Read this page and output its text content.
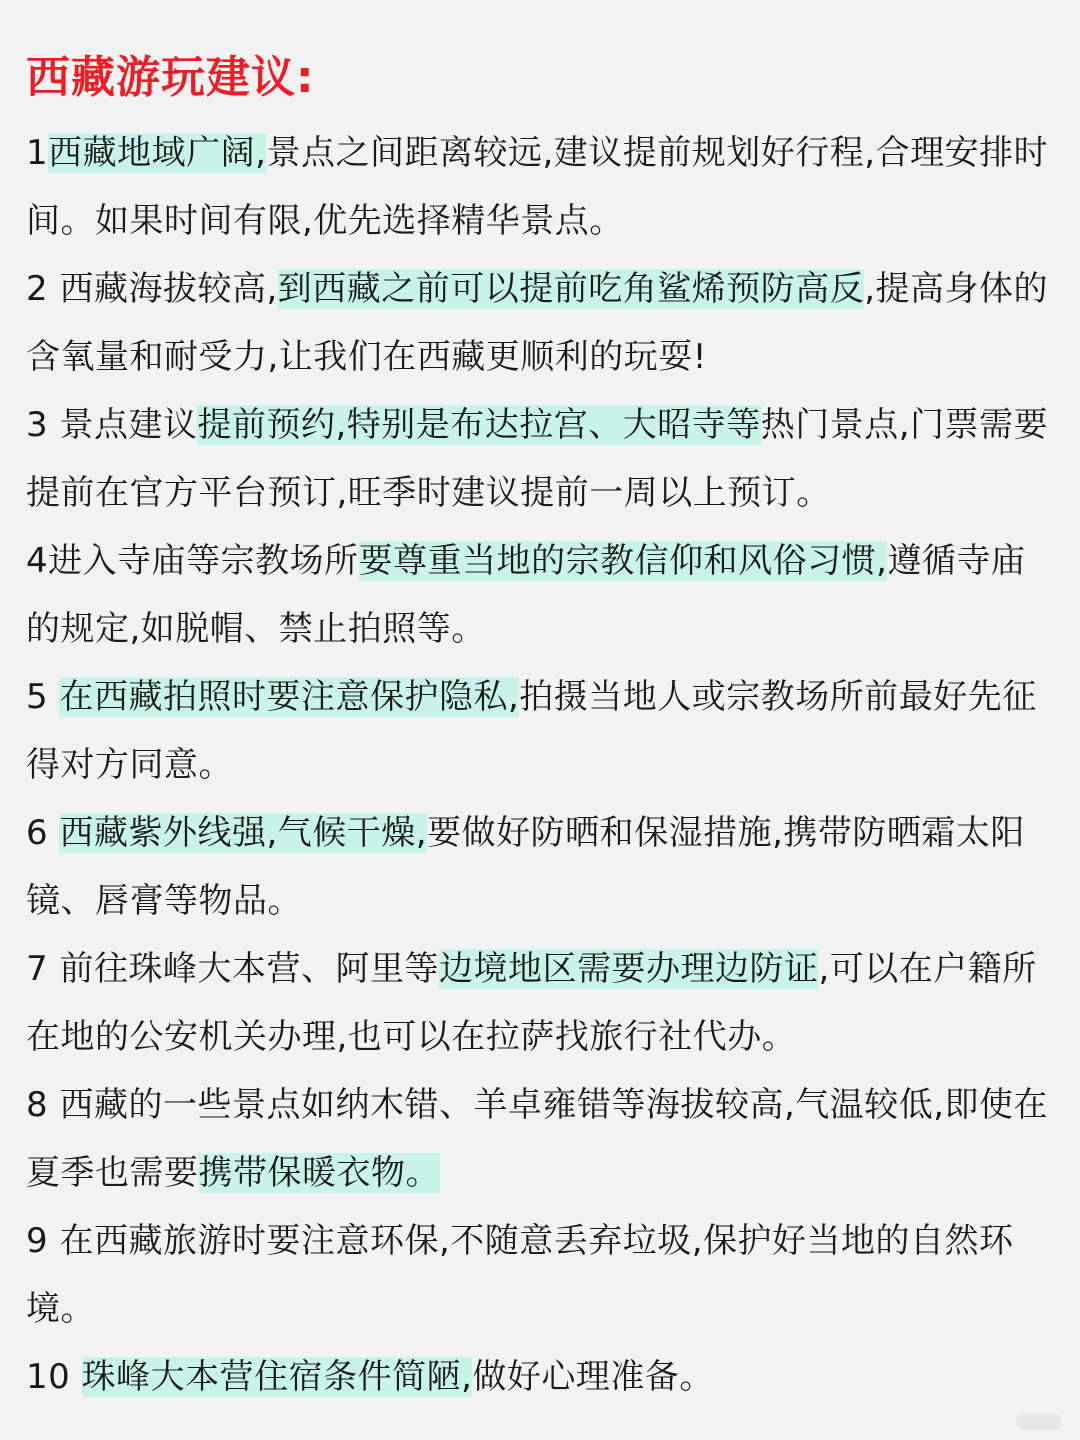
西藏游玩建议:

1西藏地域广阔,景点之间距离较远,建议提前规划好行程,合理安排时间。如果时间有限,优先选择精华景点。

2 西藏海拔较高,到西藏之前可以提前吃角鲨烯预防高反,提高身体的含氧量和耐受力,让我们在西藏更顺利的玩耍!

3 景点建议提前预约,特别是布达拉宫、大昭寺等热门景点,门票需要提前在官方平台预订,旺季时建议提前一周以上预订。

4进入寺庙等宗教场所要尊重当地的宗教信仰和风俗习惯,遵循寺庙的规定,如脱帽、禁止拍照等。

5 在西藏拍照时要注意保护隐私,拍摄当地人或宗教场所前最好先征得对方同意。

6 西藏紫外线强,气候干燥,要做好防晒和保湿措施,携带防晒霜太阳镜、唇膏等物品。

7 前往珠峰大本营、阿里等边境地区需要办理边防证,可以在户籍所在地的公安机关办理,也可以在拉萨找旅行社代办。

8 西藏的一些景点如纳木错、羊卓雍错等海拔较高,气温较低,即使在夏季也需要携带保暖衣物。

9 在西藏旅游时要注意环保,不随意丢弃垃圾,保护好当地的自然环境。

10 珠峰大本营住宿条件简陋,做好心理准备。
